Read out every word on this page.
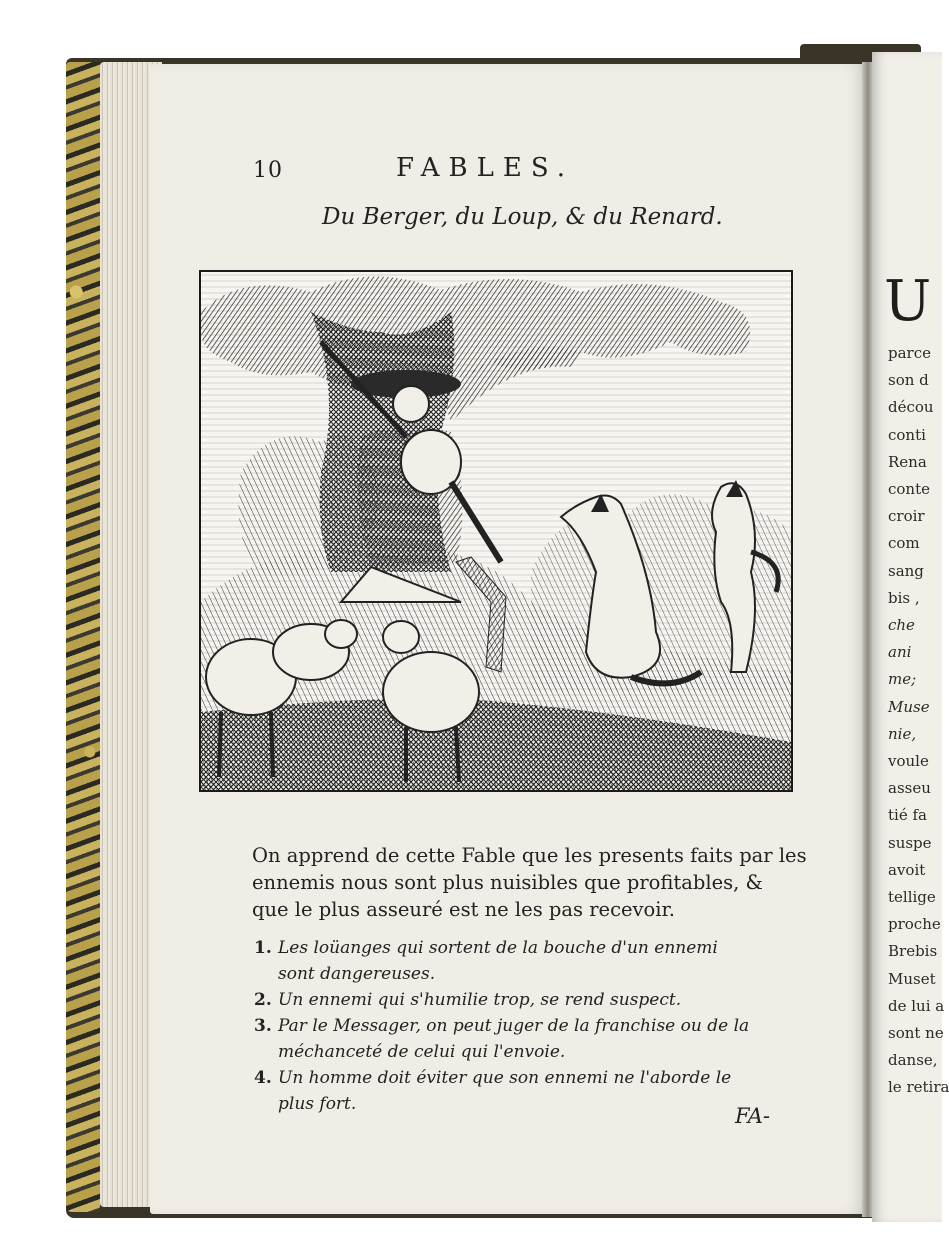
10	FABLES.
Du Berger, du Loup, & du Renard.
On apprend de cette Fable que les presents faits par les
ennemis nous sont plus nuisibles que profitables, &
que le plus asseuré est ne les pas recevoir.
1. Les loüanges qui sortent de la bouche d'un ennemi
sont dangereuses.
2. Un ennemi qui s'humilie trop, se rend suspect.
3. Par le Messager, on peut juger de la franchise ou de la
méchanceté de celui qui l'envoie.
4. Un homme doit éviter que son ennemi ne l'aborde le
plus fort.	FA-
U
parce
son d
décou
conti
Rena
conte
croir
com
sang
bis ,
che
ani
me;
Muse
nie,
voule
asseu
tié fa
suspe
avoit
tellige
proche
Brebis
Muset
de lui a
sont ne
danse,
le retira
